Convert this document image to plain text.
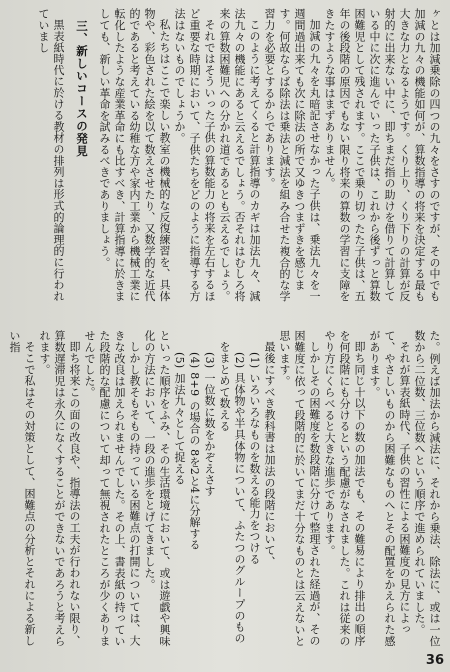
ヶとは加減乗除の四つの九々をさすのですが、その中でも加減の九々の機能如何が、算数指導の将来を決定する最も大きな力となるようです。くり上り、くり下りの計算が反射的に出来ない中に、即ちまだ指の助けを借りて計算している中に次に進んでいった子供は、これから後ずっと算数困難児として残されます。ここで乗り切ったた子供は、五年の後段階の原因でもない限り将来の算数の学習に支障をきたすような事はまずありません。

加減の九々を丸暗記させなかった子供は、乗法九々を一週間過出来ても次に除法の所で又ゆきつまずきを感じます。何故ならば除法は乗法と減法を組み合せた複合的な学習力を必要とするからであります。

このように考えてくると計算指導のカギは加法九々、減法九々の機能にあると云えるでしょう。否それはむしろ将来の算数困難児への分かれ道であるとも云えるでしょう。

それではそういった子供の算数能力の将来を左右するほど重要な時期において、子供たちをどのように指導する方法はないものでしょうか。

私たちはここで楽しい教室の機械的な反復練習を、具体物や、彩色された絵を以て数えさせたり、又数学的な近代的であると考えている幼稚な方や家内工業から機械工業に転化したような産業革命にも比すべき、計算指導に於きましても、新しい革命を試みるべきでありましょう。

三、新しいコースの発見

黒表紙時代に於ける教材の排列は形式的論理的に行われていまし

た。例えば加法から減法に、それから乗法、除法に、或は一位数から二位数、三位数へという順序で進められていました。

それが算表紙時代、子供の習性による困難度の見方によって、やさしいものから困難なものへとその配置をかえられた感があります。

即ち同じ十以下の数の加法でも、その難易により排出の順序を何段階にも分けるという配慮がなされました。これは従来のやり方にくらべると大きな進歩であります。

しかしその困難度を数段階に分けて整理された経過が、その困難度に依って段階的に於いてまだ十分なものとは云えないと思います。

最後にすべき教科書は加法の段階において、

(1) いろいろなものを数える能力をつける

(2) 具体物や半具体物について、ふたつのグループのものをまとめて数える

(3) 一位数に数をかぞえさす

(4) 8+9 の場合の 8を2と4に分解する

(5) 加法九々として捉える

といった順序をふみ、その生活環境において、或は遊戯や興味化の方法において、一段の進歩をとげてきました。

しかし教そもそもの持っている困難点の打開については、大きな改良は加えられませんでした。その上、書表紙の持っていた段階的な配慮について却って無視されたところが少くありませんでした。

即ち将来この面の改良や、指導法の工夫が行われない限り、算数遅滞児は永久になくすることができないであろうと考えられます。

そこで私はその対策として、困難点の分析とそれによる新しい指

36
